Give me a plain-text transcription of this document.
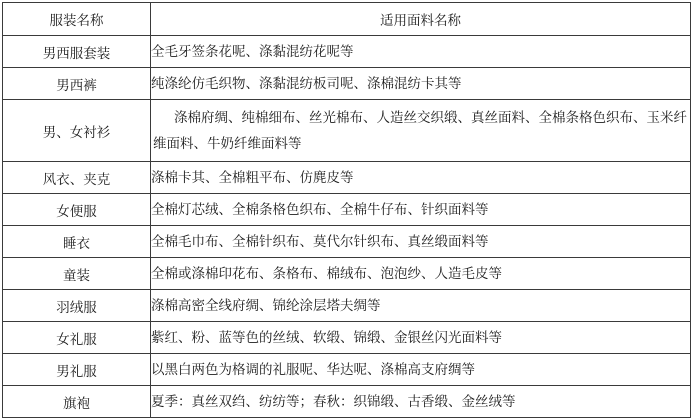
服装名称	适用面料名称
男西服套装	全毛牙签条花呢、涤黏混纺花呢等
男西裤	纯涤纶仿毛织物、涤黏混纺板司呢、涤棉混纺卡其等
男、女衬衫	涤棉府绸、纯棉细布、丝光棉布、人造丝交织缎、真丝面料、全棉条格色织布、玉米纤维面料、牛奶纤维面料等
风衣、夹克	涤棉卡其、全棉粗平布、仿麂皮等
女便服	全棉灯芯绒、全棉条格色织布、全棉牛仔布、针织面料等
睡衣	全棉毛巾布、全棉针织布、莫代尔针织布、真丝缎面料等
童装	全棉或涤棉印花布、条格布、棉绒布、泡泡纱、人造毛皮等
羽绒服	涤棉高密全线府绸、锦纶涂层塔夫绸等
女礼服	紫红、粉、蓝等色的丝绒、软缎、锦缎、金银丝闪光面料等
男礼服	以黑白两色为格调的礼服呢、华达呢、涤棉高支府绸等
旗袍	夏季：真丝双绉、纺纺等；春秋：织锦缎、古香缎、金丝绒等
